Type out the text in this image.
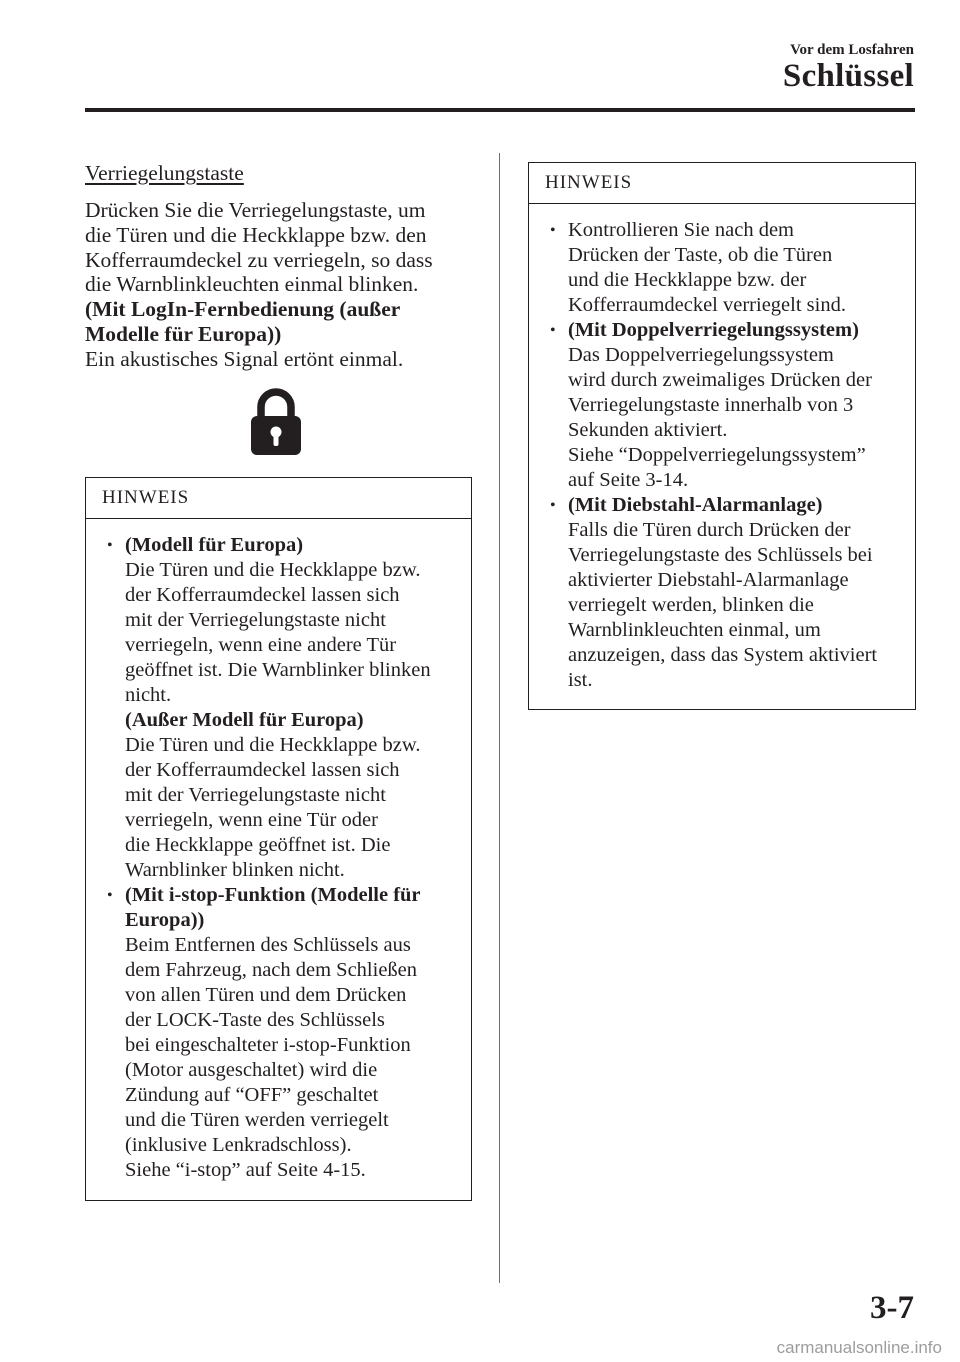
Vor dem Losfahren
Schlüssel

Verriegelungstaste

Drücken Sie die Verriegelungstaste, um
die Türen und die Heckklappe bzw. den
Kofferraumdeckel zu verriegeln, so dass
die Warnblinkleuchten einmal blinken.
(Mit LogIn-Fernbedienung (außer
Modelle für Europa))
Ein akustisches Signal ertönt einmal.

HINWEIS
• (Modell für Europa)
Die Türen und die Heckklappe bzw.
der Kofferraumdeckel lassen sich
mit der Verriegelungstaste nicht
verriegeln, wenn eine andere Tür
geöffnet ist. Die Warnblinker blinken
nicht.
(Außer Modell für Europa)
Die Türen und die Heckklappe bzw.
der Kofferraumdeckel lassen sich
mit der Verriegelungstaste nicht
verriegeln, wenn eine Tür oder
die Heckklappe geöffnet ist. Die
Warnblinker blinken nicht.
• (Mit i-stop-Funktion (Modelle für
Europa))
Beim Entfernen des Schlüssels aus
dem Fahrzeug, nach dem Schließen
von allen Türen und dem Drücken
der LOCK-Taste des Schlüssels
bei eingeschalteter i-stop-Funktion
(Motor ausgeschaltet) wird die
Zündung auf “OFF” geschaltet
und die Türen werden verriegelt
(inklusive Lenkradschloss).
Siehe “i-stop” auf Seite 4-15.
HINWEIS
• Kontrollieren Sie nach dem
Drücken der Taste, ob die Türen
und die Heckklappe bzw. der
Kofferraumdeckel verriegelt sind.
• (Mit Doppelverriegelungssystem)
Das Doppelverriegelungssystem
wird durch zweimaliges Drücken der
Verriegelungstaste innerhalb von 3
Sekunden aktiviert.
Siehe “Doppelverriegelungssystem”
auf Seite 3-14.
• (Mit Diebstahl-Alarmanlage)
Falls die Türen durch Drücken der
Verriegelungstaste des Schlüssels bei
aktivierter Diebstahl-Alarmanlage
verriegelt werden, blinken die
Warnblinkleuchten einmal, um
anzuzeigen, dass das System aktiviert
ist.
3-7
carmanualsonline.info
